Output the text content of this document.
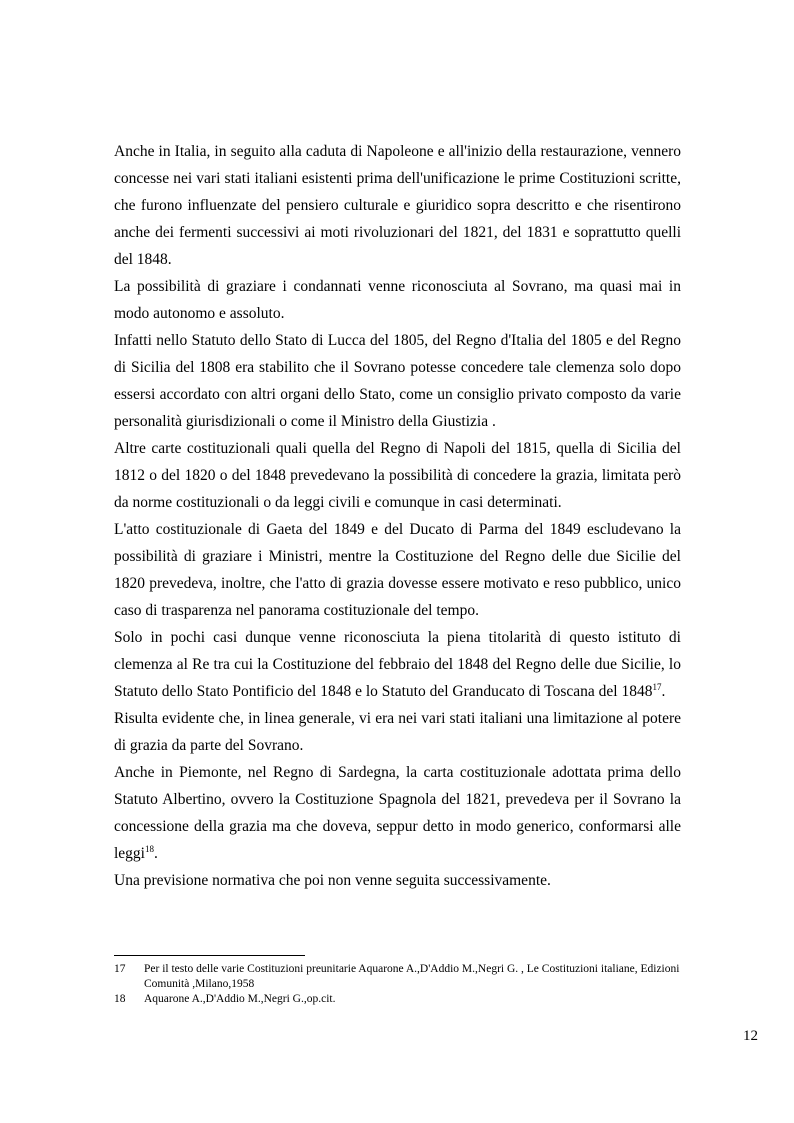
Anche in Italia, in seguito alla caduta di Napoleone e all'inizio della restaurazione, vennero concesse nei vari stati italiani esistenti prima dell'unificazione le prime Costituzioni scritte, che furono influenzate del pensiero culturale e giuridico sopra descritto e che risentirono anche dei fermenti successivi ai moti rivoluzionari del 1821, del 1831 e soprattutto quelli del 1848.

La possibilità di graziare i condannati venne riconosciuta al Sovrano, ma quasi mai in modo autonomo e assoluto.

Infatti nello Statuto dello Stato di Lucca del 1805, del Regno d'Italia del 1805 e del Regno di Sicilia del 1808 era stabilito che il Sovrano potesse concedere tale clemenza solo dopo essersi accordato con altri organi dello Stato, come un consiglio privato composto da varie personalità giurisdizionali o come il Ministro della Giustizia .

Altre carte costituzionali quali quella del Regno di Napoli del 1815, quella di Sicilia del 1812 o del 1820 o del 1848 prevedevano la possibilità di concedere la grazia, limitata però da norme costituzionali o da leggi civili e comunque in casi determinati.

L'atto costituzionale di Gaeta del 1849 e del Ducato di Parma del 1849 escludevano la possibilità di graziare i Ministri, mentre la Costituzione del Regno delle due Sicilie del 1820 prevedeva, inoltre, che l'atto di grazia dovesse essere motivato e reso pubblico, unico caso di trasparenza nel panorama costituzionale del tempo.

Solo in pochi casi dunque venne riconosciuta la piena titolarità di questo istituto di clemenza al Re tra cui la Costituzione del febbraio del 1848 del Regno delle due Sicilie, lo Statuto dello Stato Pontificio del 1848 e lo Statuto del Granducato di Toscana del 1848$^{17}$.

Risulta evidente che, in linea generale, vi era nei vari stati italiani una limitazione al potere di grazia da parte del Sovrano.

Anche in Piemonte, nel Regno di Sardegna, la carta costituzionale adottata prima dello Statuto Albertino, ovvero la Costituzione Spagnola del 1821, prevedeva per il Sovrano la concessione della grazia ma che doveva, seppur detto in modo generico, conformarsi alle leggi$^{18}$.

Una previsione normativa che poi non venne seguita successivamente.

17	Per il testo delle varie Costituzioni preunitarie Aquarone A.,D'Addio M.,Negri G. , Le Costituzioni italiane, Edizioni Comunità ,Milano,1958
18	Aquarone A.,D'Addio M.,Negri G.,op.cit.
12
